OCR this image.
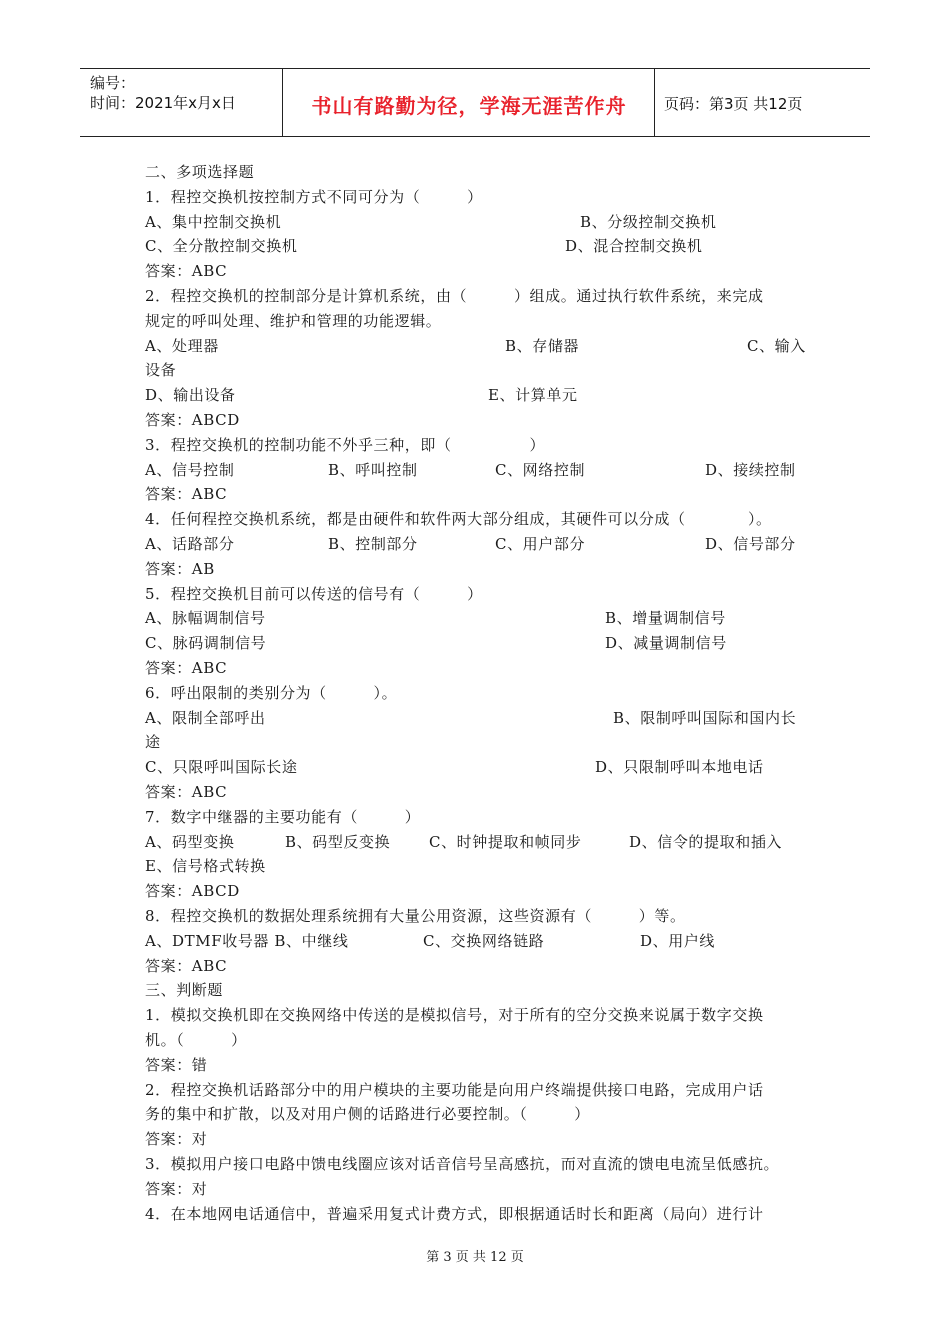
编号：
时间：2021年x月x日	书山有路勤为径，学海无涯苦作舟	页码：第3页 共12页
二、多项选择题
1．程控交换机按控制方式不同可分为（　　　）
A、集中控制交换机	B、分级控制交换机
C、全分散控制交换机	D、混合控制交换机
答案：ABC
2．程控交换机的控制部分是计算机系统，由（　　　）组成。通过执行软件系统，来完成
规定的呼叫处理、维护和管理的功能逻辑。
A、处理器	B、存储器	C、输入
设备
D、输出设备	E、计算单元
答案：ABCD
3．程控交换机的控制功能不外乎三种，即（　　　　　）
A、信号控制	B、呼叫控制	C、网络控制	D、接续控制
答案：ABC
4．任何程控交换机系统，都是由硬件和软件两大部分组成，其硬件可以分成（　　　　）。
A、话路部分	B、控制部分	C、用户部分	D、信号部分
答案：AB
5．程控交换机目前可以传送的信号有（　　　）
A、脉幅调制信号	B、增量调制信号
C、脉码调制信号	D、减量调制信号
答案：ABC
6．呼出限制的类别分为（　　　）。
A、限制全部呼出	B、限制呼叫国际和国内长
途
C、只限呼叫国际长途	D、只限制呼叫本地电话
答案：ABC
7．数字中继器的主要功能有（　　　）
A、码型变换	B、码型反变换	C、时钟提取和帧同步	D、信令的提取和插入
E、信号格式转换
答案：ABCD
8．程控交换机的数据处理系统拥有大量公用资源，这些资源有（　　　）等。
A、DTMF收号器 B、中继线	C、交换网络链路	D、用户线
答案：ABC
三、判断题
1．模拟交换机即在交换网络中传送的是模拟信号，对于所有的空分交换来说属于数字交换
机。（　　　）
答案：错
2．程控交换机话路部分中的用户模块的主要功能是向用户终端提供接口电路，完成用户话
务的集中和扩散，以及对用户侧的话路进行必要控制。（　　　）
答案：对
3．模拟用户接口电路中馈电线圈应该对话音信号呈高感抗，而对直流的馈电电流呈低感抗。
答案：对
4．在本地网电话通信中，普遍采用复式计费方式，即根据通话时长和距离（局向）进行计
第 3 页 共 12 页
